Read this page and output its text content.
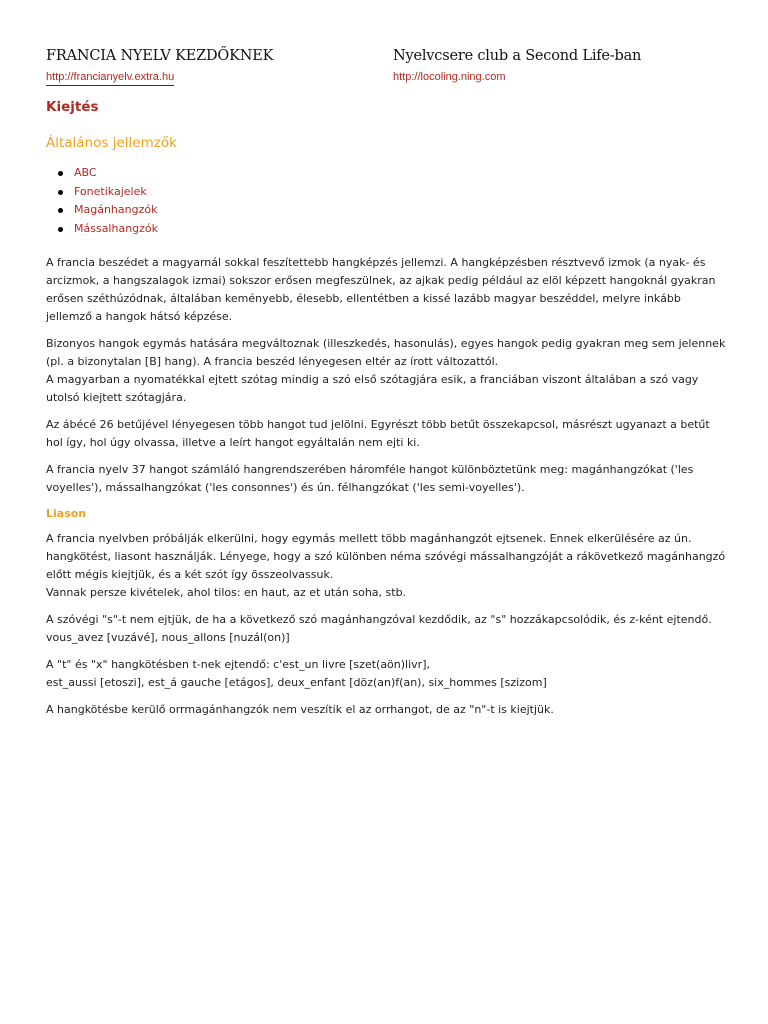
FRANCIA NYELV KEZDŐKNEK
http://francianyelv.extra.hu
Nyelvcsere club a Second Life-ban
http://locoling.ning.com
Kiejtés
Általános jellemzők
ABC
Fonetikajelek
Magánhangzók
Mássalhangzók

A francia beszédet a magyarnál sokkal feszítettebb hangképzés jellemzi. A hangképzésben résztvevő izmok (a nyak- és arcizmok, a hangszalagok izmai) sokszor erősen megfeszülnek, az ajkak pedig például az elöl képzett hangoknál gyakran erősen széthúzódnak, általában keményebb, élesebb, ellentétben a kissé lazább magyar beszéddel, melyre inkább jellemző a hangok hátsó képzése.

Bizonyos hangok egymás hatására megváltoznak (illeszkedés, hasonulás), egyes hangok pedig gyakran meg sem jelennek (pl. a bizonytalan [B] hang). A francia beszéd lényegesen eltér az írott változattól.
A magyarban a nyomatékkal ejtett szótag mindig a szó első szótagjára esik, a franciában viszont általában a szó vagy utolsó kiejtett szótagjára.

Az ábécé 26 betűjével lényegesen több hangot tud jelölni. Egyrészt több betűt összekapcsol, másrészt ugyanazt a betűt hol így, hol úgy olvassa, illetve a leírt hangot egyáltalán nem ejti ki.

A francia nyelv 37 hangot számláló hangrendszerében háromféle hangot különböztetünk meg: magánhangzókat ('les voyelles'), mássalhangzókat ('les consonnes') és ún. félhangzókat ('les semi-voyelles').

Liason

A francia nyelvben próbálják elkerülni, hogy egymás mellett több magánhangzót ejtsenek. Ennek elkerülésére az ún. hangkötést, liasont használják. Lényege, hogy a szó különben néma szóvégi mássalhangzóját a rákövetkező magánhangzó előtt mégis kiejtjük, és a két szót így összeolvassuk.
Vannak persze kivételek, ahol tilos: en haut, az et után soha, stb.

A szóvégi "s"-t nem ejtjük, de ha a következő szó magánhangzóval kezdődik, az "s" hozzákapcsolódik, és z-ként ejtendő.
vous_avez [vuzávé], nous_allons [nuzál(on)]

A "t" és "x" hangkötésben t-nek ejtendő: c'est_un livre [szet(aön)livr],
est_aussi [etoszi], est_á gauche [etágos], deux_enfant [döz(an)f(an), six_hommes [szizom]

A hangkötésbe kerülő orrmagánhangzók nem veszítik el az orrhangot, de az "n"-t is kiejtjük.
